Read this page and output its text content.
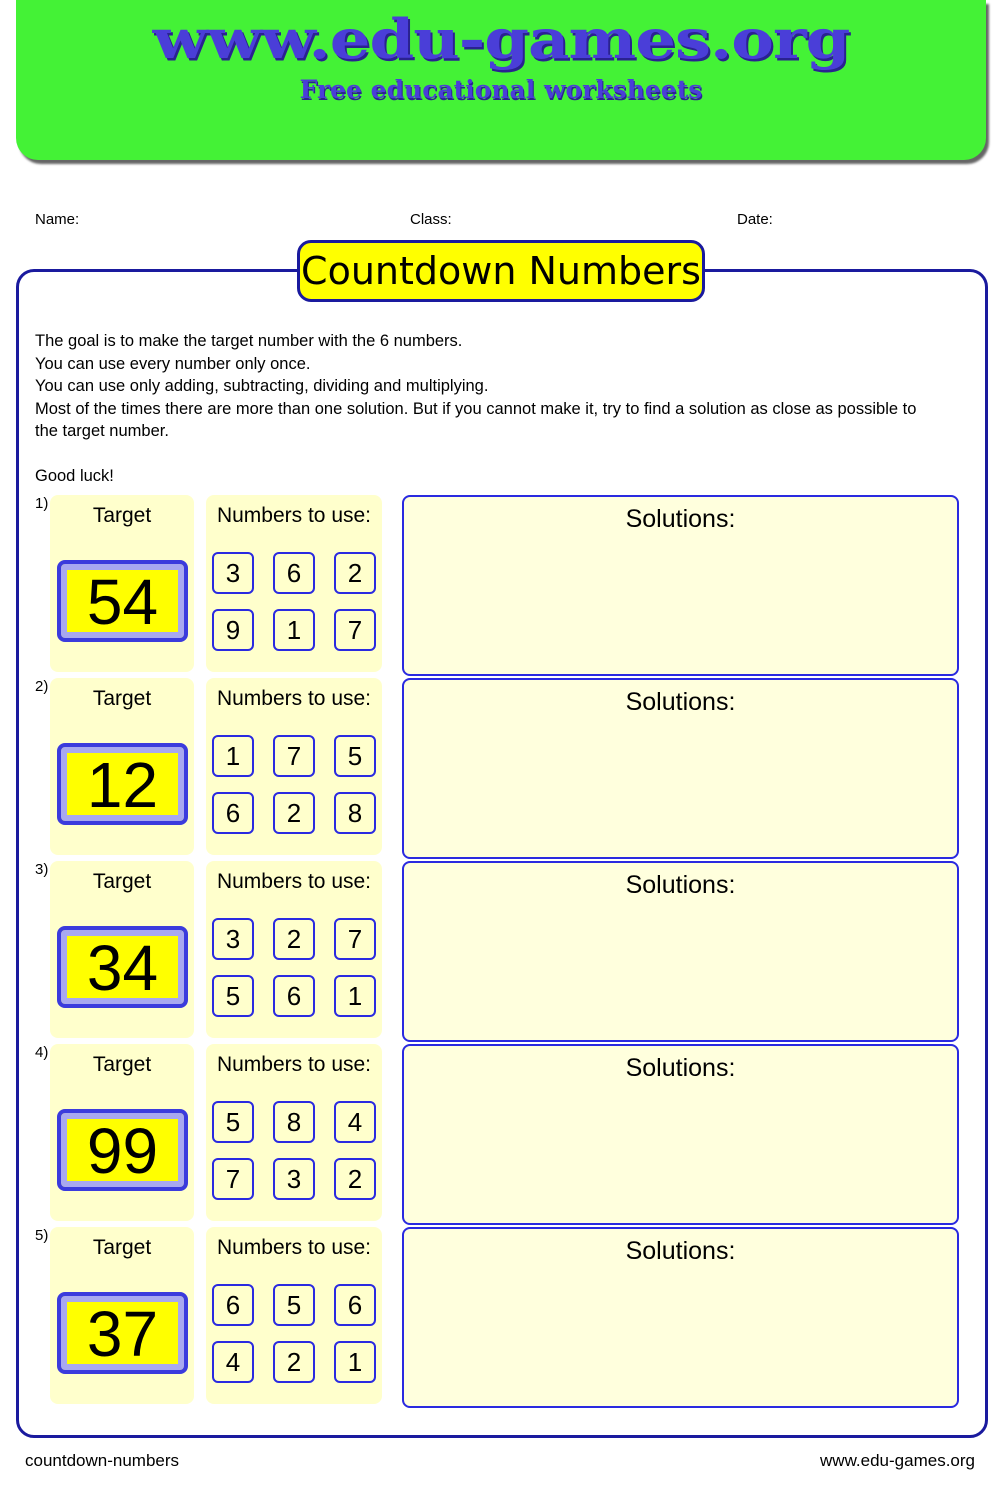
www.edu-games.org
Free educational worksheets
Name:	Class:	Date:
Countdown Numbers
The goal is to make the target number with the 6 numbers.
You can use every number only once.
You can use only adding, subtracting, dividing and multiplying.
Most of the times there are more than one solution. But if you cannot make it, try to find a solution as close as possible to the target number.
Good luck!
1)
Target
54
Numbers to use:
3	6	2
9	1	7
Solutions:
2)
Target
12
Numbers to use:
1	7	5
6	2	8
Solutions:
3)
Target
34
Numbers to use:
3	2	7
5	6	1
Solutions:
4)
Target
99
Numbers to use:
5	8	4
7	3	2
Solutions:
5)
Target
37
Numbers to use:
6	5	6
4	2	1
Solutions:
countdown-numbers	www.edu-games.org
